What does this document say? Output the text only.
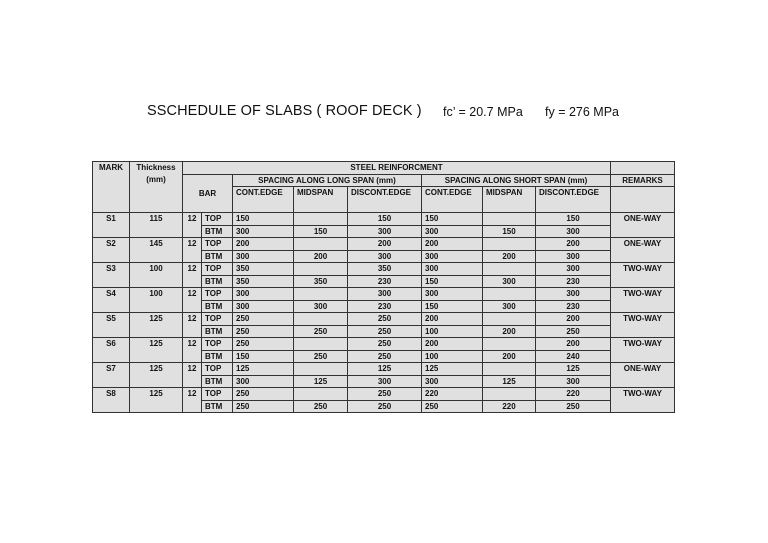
SSCHEDULE OF SLABS ( ROOF DECK ) fc’ = 20.7 MPa fy = 276 MPa
MARK	Thickness (mm)	STEEL REINFORCMENT								
		BAR		SPACING ALONG LONG SPAN (mm)			SPACING ALONG SHORT SPAN (mm)			REMARKS
				CONT.EDGE	MIDSPAN	DISCONT.EDGE	CONT.EDGE	MIDSPAN	DISCONT.EDGE	
S1	115	12	TOP	150		150	150		150	ONE-WAY
			BTM	300	150	300	300	150	300	
S2	145	12	TOP	200		200	200		200	ONE-WAY
			BTM	300	200	300	300	200	300	
S3	100	12	TOP	350		350	300		300	TWO-WAY
			BTM	350	350	230	150	300	230	
S4	100	12	TOP	300		300	300		300	TWO-WAY
			BTM	300	300	230	150	300	230	
S5	125	12	TOP	250		250	200		200	TWO-WAY
			BTM	250	250	250	100	200	250	
S6	125	12	TOP	250		250	200		200	TWO-WAY
			BTM	150	250	250	100	200	240	
S7	125	12	TOP	125		125	125		125	ONE-WAY
			BTM	300	125	300	300	125	300	
S8	125	12	TOP	250		250	220		220	TWO-WAY
			BTM	250	250	250	250	220	250	
